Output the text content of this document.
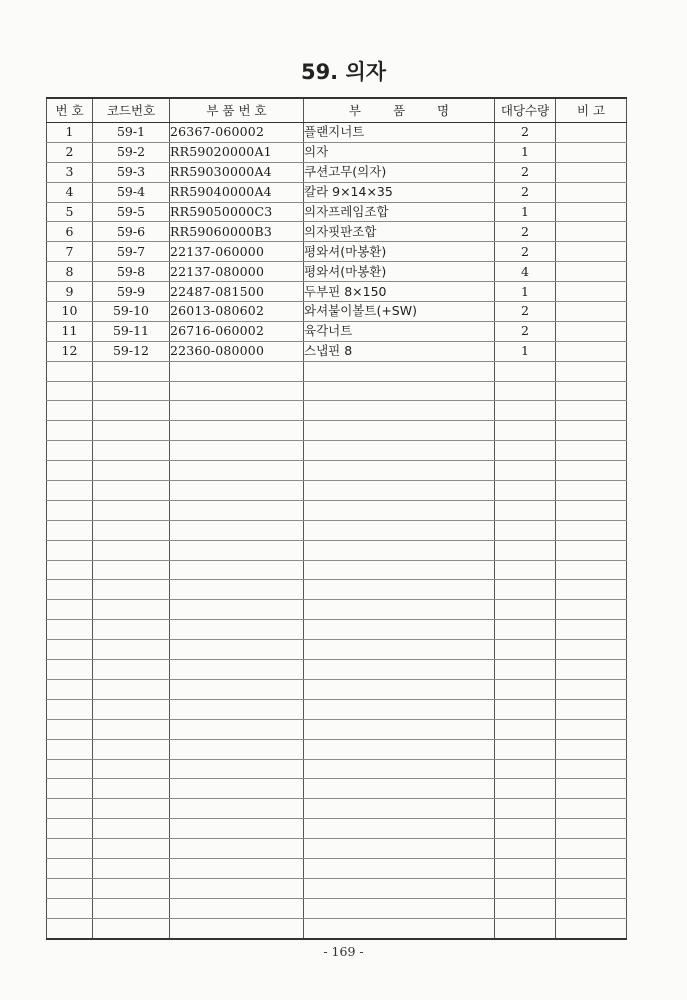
59. 의자
번 호	코드번호	부 품 번 호	부 품 명	대당수량	비 고
1	59-1	26367-060002	플랜지너트	2	
2	59-2	RR59020000A1	의자	1	
3	59-3	RR59030000A4	쿠션고무(의자)	2	
4	59-4	RR59040000A4	칼라 9×14×35	2	
5	59-5	RR59050000C3	의자프레임조합	1	
6	59-6	RR59060000B3	의자핏판조합	2	
7	59-7	22137-060000	평와셔(마봉환)	2	
8	59-8	22137-080000	평와셔(마봉환)	4	
9	59-9	22487-081500	두부핀 8×150	1	
10	59-10	26013-080602	와셔붙이볼트(+SW)	2	
11	59-11	26716-060002	육각너트	2	
12	59-12	22360-080000	스냅핀 8	1	

- 169 -
